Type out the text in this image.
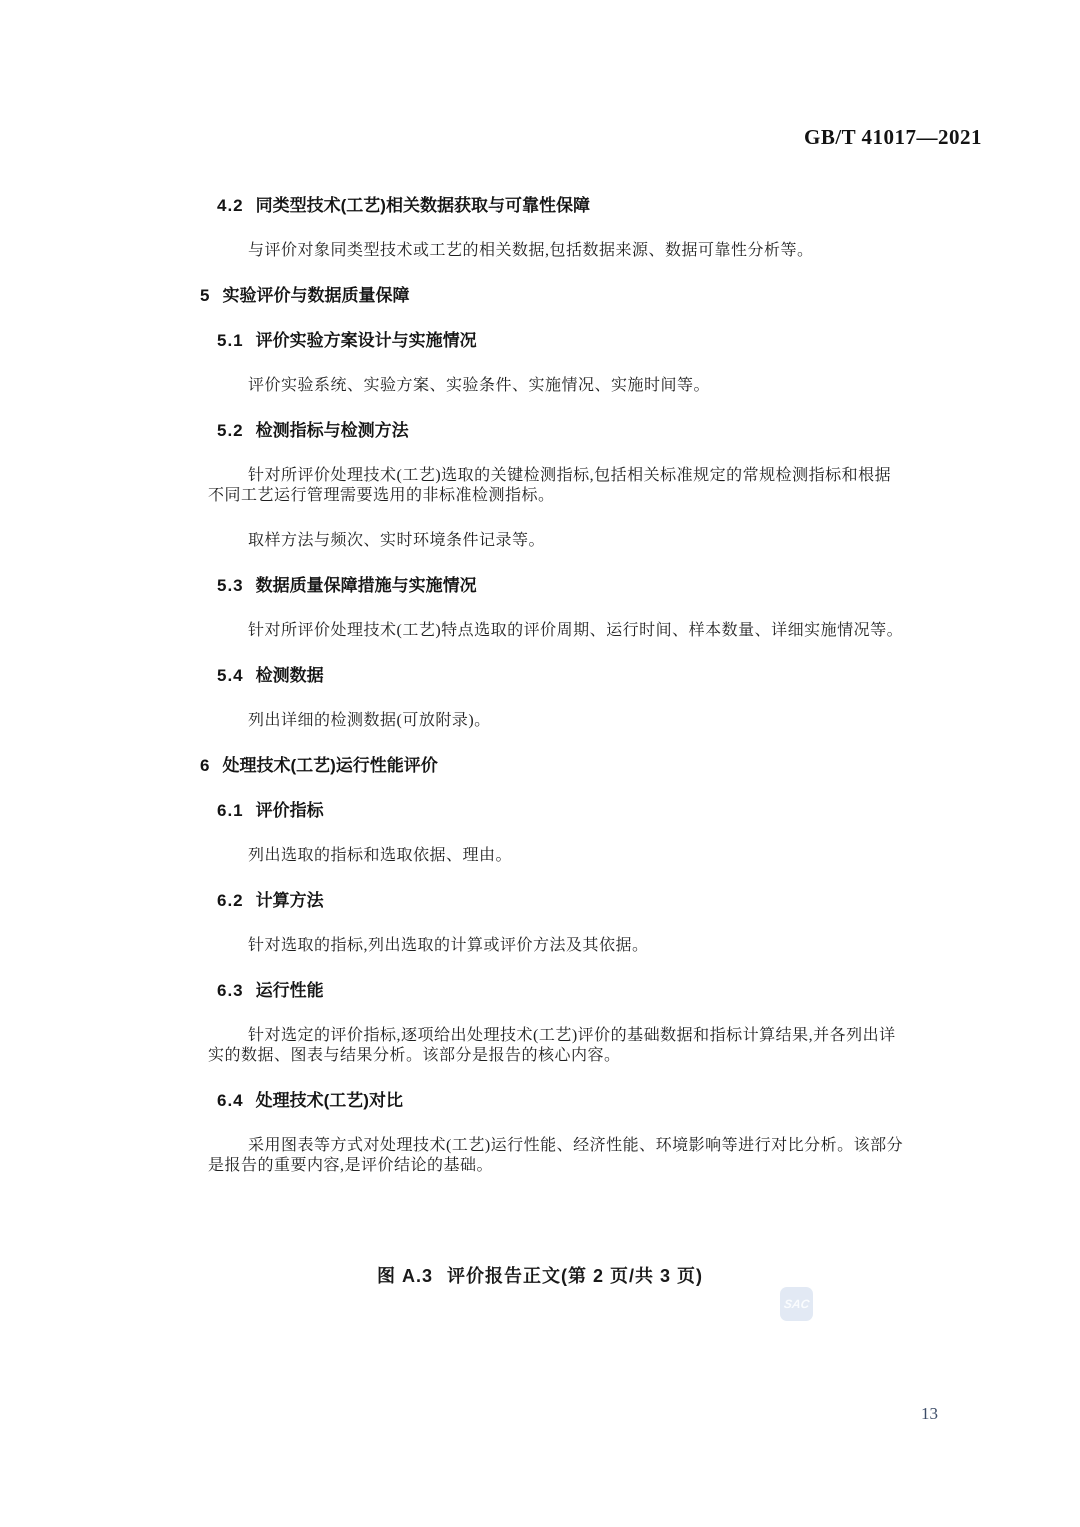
GB/T 41017—2021
4.2 同类型技术(工艺)相关数据获取与可靠性保障

与评价对象同类型技术或工艺的相关数据,包括数据来源、数据可靠性分析等。

5 实验评价与数据质量保障
5.1 评价实验方案设计与实施情况

评价实验系统、实验方案、实验条件、实施情况、实施时间等。

5.2 检测指标与检测方法

针对所评价处理技术(工艺)选取的关键检测指标,包括相关标准规定的常规检测指标和根据不同工艺运行管理需要选用的非标准检测指标。

取样方法与频次、实时环境条件记录等。

5.3 数据质量保障措施与实施情况

针对所评价处理技术(工艺)特点选取的评价周期、运行时间、样本数量、详细实施情况等。

5.4 检测数据

列出详细的检测数据(可放附录)。

6 处理技术(工艺)运行性能评价
6.1 评价指标

列出选取的指标和选取依据、理由。

6.2 计算方法

针对选取的指标,列出选取的计算或评价方法及其依据。

6.3 运行性能

针对选定的评价指标,逐项给出处理技术(工艺)评价的基础数据和指标计算结果,并各列出详实的数据、图表与结果分析。该部分是报告的核心内容。

6.4 处理技术(工艺)对比

采用图表等方式对处理技术(工艺)运行性能、经济性能、环境影响等进行对比分析。该部分是报告的重要内容,是评价结论的基础。

图 A.3 评价报告正文(第 2 页/共 3 页)
SAC
13
